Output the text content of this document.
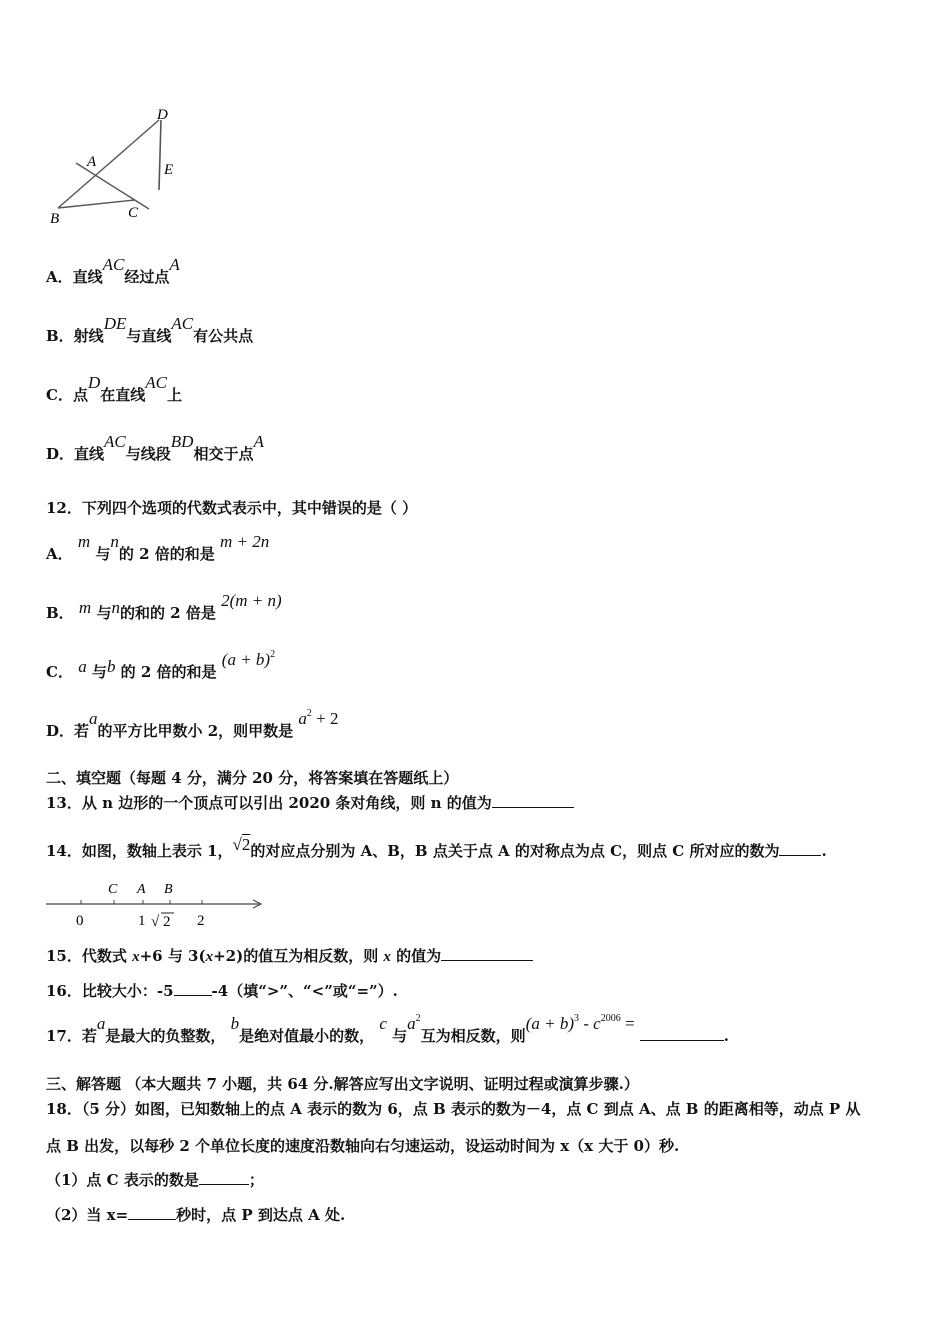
D
A	E
B	C
A．直线AC经过点A
B．射线DE与直线AC有公共点
C．点D在直线AC上
D．直线AC与线段BD相交于点A
12．下列四个选项的代数式表示中，其中错误的是（ ）
A． m 与n的 2 倍的和是 m + 2n
B． m 与n的和的 2 倍是 2(m + n)
C． a 与b 的 2 倍的和是 $(a + b)^2$
D．若a的平方比甲数小 2，则甲数是 $a^2 + 2$
二、填空题（每题 4 分，满分 20 分，将答案填在答题纸上）
13．从 n 边形的一个顶点可以引出 2020 条对角线，则 n 的值为
14．如图，数轴上表示 1，√2的对应点分别为 A、B，B 点关于点 A 的对称点为点 C，则点 C 所对应的数为	.
C A B
0	1 √ 2 2
15．代数式 x+6 与 3(x+2)的值互为相反数，则 x 的值为
16．比较大小：-5	-4（填“>”、“<”或“=”）.
17．若a是最大的负整数， b是绝对值最小的数， c 与$a^2$互为相反数，则$(a + b)^3 - c^{2006}$ = .
三、解答题 （本大题共 7 小题，共 64 分.解答应写出文字说明、证明过程或演算步骤.）
18．（5 分）如图，已知数轴上的点 A 表示的数为 6，点 B 表示的数为－4，点 C 到点 A、点 B 的距离相等，动点 P 从
点 B 出发，以每秒 2 个单位长度的速度沿数轴向右匀速运动，设运动时间为 x（x 大于 0）秒.
（1）点 C 表示的数是	；
（2）当 x=	秒时，点 P 到达点 A 处.
